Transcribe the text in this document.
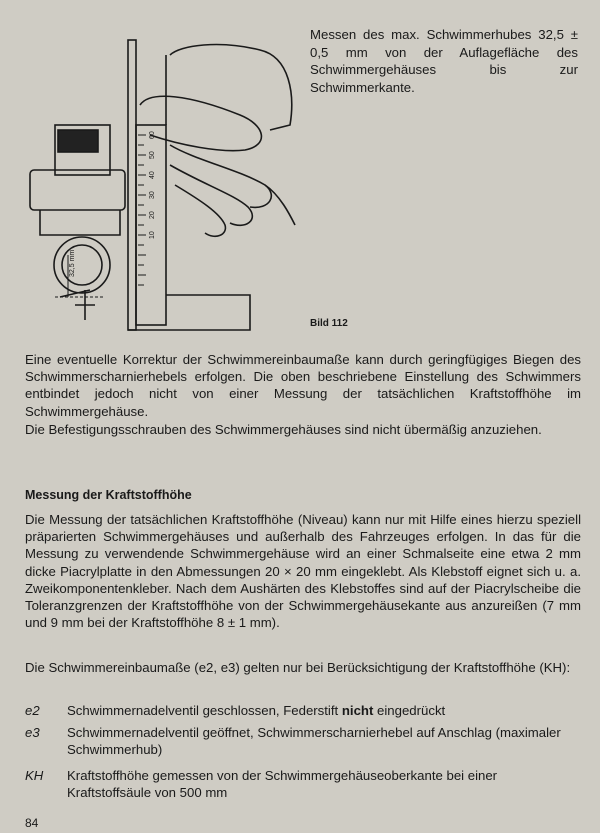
60
50
40
30
20
10
32,5 mm
Messen des max. Schwimmerhubes 32,5 ± 0,5 mm von der Auflagefläche des Schwimmergehäuses bis zur Schwimmerkante.
Bild 112
Eine eventuelle Korrektur der Schwimmereinbaumaße kann durch geringfügiges Biegen des Schwimmerscharnierhebels erfolgen. Die oben beschriebene Einstellung des Schwimmers entbindet jedoch nicht von einer Messung der tatsächlichen Kraftstoffhöhe im Schwimmergehäuse.
Die Befestigungsschrauben des Schwimmergehäuses sind nicht übermäßig anzuziehen.
Messung der Kraftstoffhöhe
Die Messung der tatsächlichen Kraftstoffhöhe (Niveau) kann nur mit Hilfe eines hierzu speziell präparierten Schwimmergehäuses und außerhalb des Fahrzeuges erfolgen. In das für die Messung zu verwendende Schwimmergehäuse wird an einer Schmalseite eine etwa 2 mm dicke Piacrylplatte in den Abmessungen 20 × 20 mm eingeklebt. Als Klebstoff eignet sich u. a. Zweikomponentenkleber. Nach dem Aushärten des Klebstoffes sind auf der Piacrylscheibe die Toleranzgrenzen der Kraftstoffhöhe von der Schwimmergehäusekante aus anzureißen (7 mm und 9 mm bei der Kraftstoffhöhe 8 ± 1 mm).
Die Schwimmereinbaumaße (e2, e3) gelten nur bei Berücksichtigung der Kraftstoffhöhe (KH):
e2 Schwimmernadelventil geschlossen, Federstift nicht eingedrückt
e3 Schwimmernadelventil geöffnet, Schwimmerscharnierhebel auf Anschlag (maximaler Schwimmerhub)
KH Kraftstoffhöhe gemessen von der Schwimmergehäuseoberkante bei einer Kraftstoffsäule von 500 mm
84
